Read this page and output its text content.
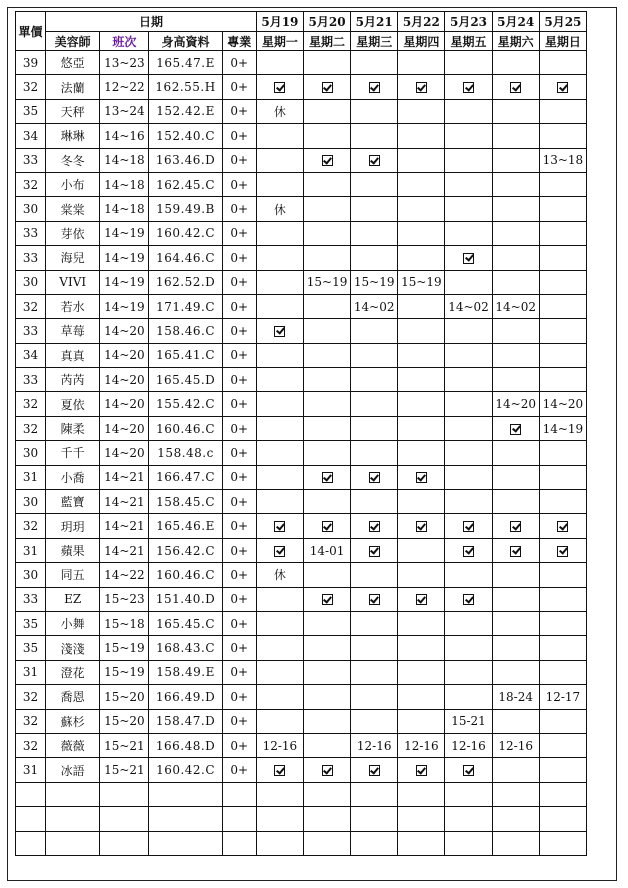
單價	日期				5月19	5月20	5月21	5月22	5月23	5月24	5月25
	美容師	班次	身高資料	專業	星期一	星期二	星期三	星期四	星期五	星期六	星期日
39	悠亞	13~23	165.47.E	0+							
32	法蘭	12~22	162.55.H	0+							
35	天秤	13~24	152.42.E	0+	休						
34	琳琳	14~16	152.40.C	0+							
33	冬冬	14~18	163.46.D	0+							13~18
32	小布	14~18	162.45.C	0+							
30	棠棠	14~18	159.49.B	0+	休						
33	芽依	14~19	160.42.C	0+							
33	海兒	14~19	164.46.C	0+							
30	VIVI	14~19	162.52.D	0+		15~19	15~19	15~19			
32	若水	14~19	171.49.C	0+			14~02		14~02	14~02	
33	草莓	14~20	158.46.C	0+							
34	真真	14~20	165.41.C	0+							
33	芮芮	14~20	165.45.D	0+							
32	夏依	14~20	155.42.C	0+						14~20	14~20
32	陳柔	14~20	160.46.C	0+							14~19
30	千千	14~20	158.48.c	0+							
31	小喬	14~21	166.47.C	0+							
30	藍寶	14~21	158.45.C	0+							
32	玥玥	14~21	165.46.E	0+							
31	蘋果	14~21	156.42.C	0+		14-01					
30	同五	14~22	160.46.C	0+	休						
33	EZ	15~23	151.40.D	0+							
35	小舞	15~18	165.45.C	0+							
35	淺淺	15~19	168.43.C	0+							
31	澄花	15~19	158.49.E	0+							
32	喬恩	15~20	166.49.D	0+						18-24	12-17
32	蘇杉	15~20	158.47.D	0+					15-21		
32	薇薇	15~21	166.48.D	0+	12-16		12-16	12-16	12-16	12-16	
31	冰語	15~21	160.42.C	0+							
